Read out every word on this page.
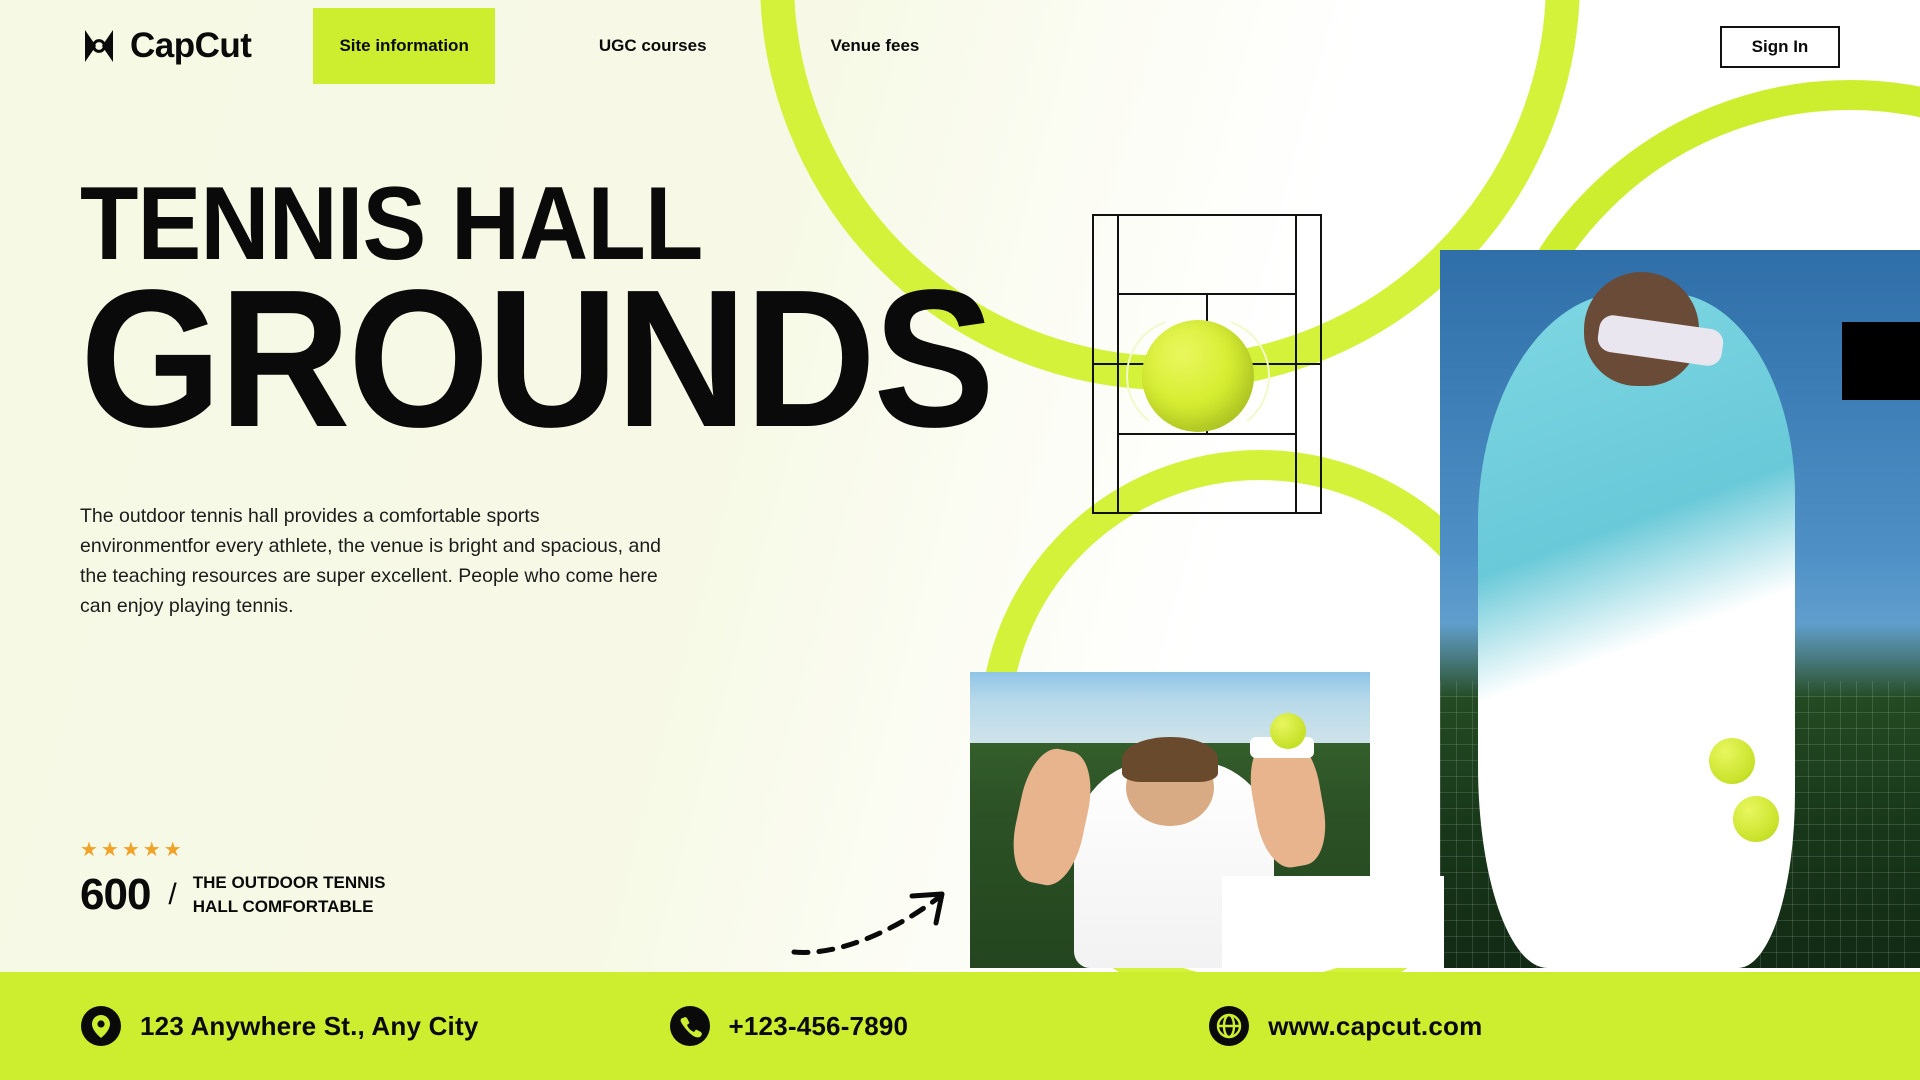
CapCut	Site information	UGC courses	Venue fees	Sign In
TENNIS HALL
GROUNDS

The outdoor tennis hall provides a comfortable sports environmentfor every athlete, the venue is bright and spacious, and the teaching resources are super excellent. People who come here can enjoy playing tennis.

★★★★★
600 / THE OUTDOOR TENNIS
HALL COMFORTABLE
123 Anywhere St., Any City	+123-456-7890	www.capcut.com
